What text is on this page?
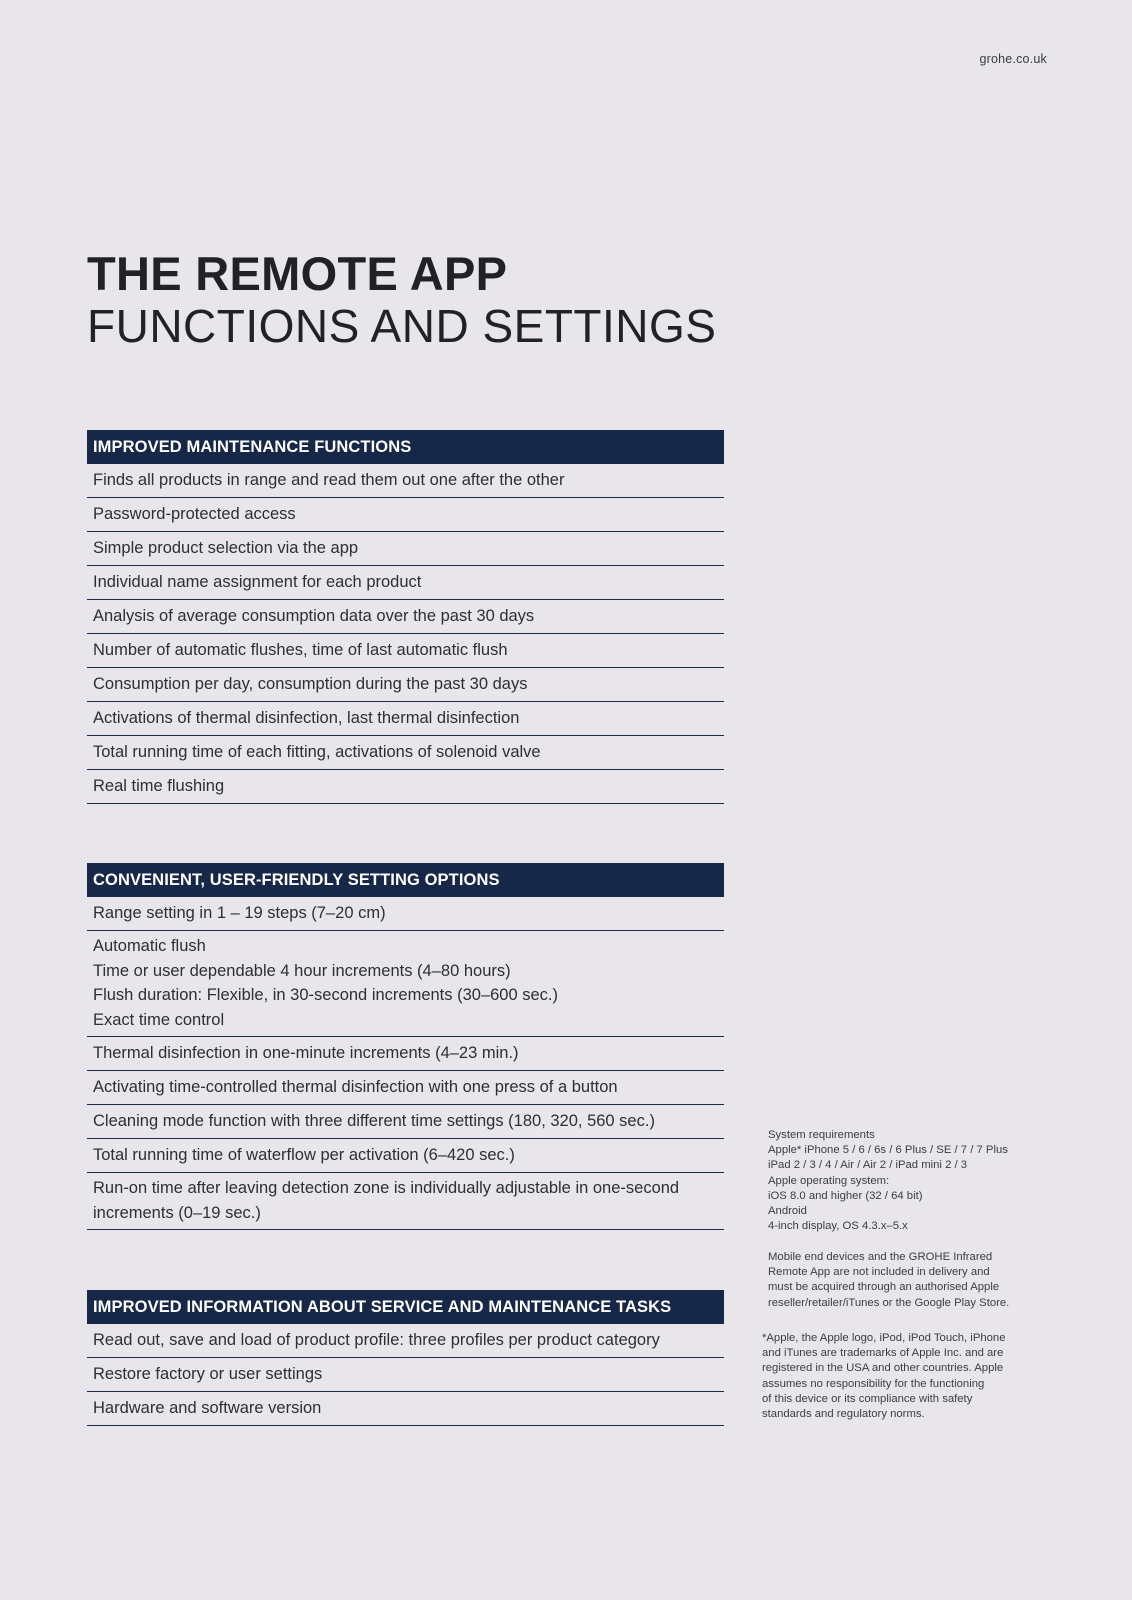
grohe.co.uk
THE REMOTE APP
FUNCTIONS AND SETTINGS
IMPROVED MAINTENANCE FUNCTIONS
Finds all products in range and read them out one after the other
Password-protected access
Simple product selection via the app
Individual name assignment for each product
Analysis of average consumption data over the past 30 days
Number of automatic flushes, time of last automatic flush
Consumption per day, consumption during the past 30 days
Activations of thermal disinfection, last thermal disinfection
Total running time of each fitting, activations of solenoid valve
Real time flushing
CONVENIENT, USER-FRIENDLY SETTING OPTIONS
Range setting in 1 – 19 steps (7–20 cm)
Automatic flush
Time or user dependable 4 hour increments (4–80 hours)
Flush duration: Flexible, in 30-second increments (30–600 sec.)
Exact time control
Thermal disinfection in one-minute increments (4–23 min.)
Activating time-controlled thermal disinfection with one press of a button
Cleaning mode function with three different time settings (180, 320, 560 sec.)
Total running time of waterflow per activation (6–420 sec.)
Run-on time after leaving detection zone is individually adjustable in one-second
increments (0–19 sec.)
IMPROVED INFORMATION ABOUT SERVICE AND MAINTENANCE TASKS
Read out, save and load of product profile: three profiles per product category
Restore factory or user settings
Hardware and software version
System requirements
Apple* iPhone 5 / 6 / 6s / 6 Plus / SE / 7 / 7 Plus
iPad 2 / 3 / 4 / Air / Air 2 / iPad mini 2 / 3
Apple operating system:
iOS 8.0 and higher (32 / 64 bit)
Android
4-inch display, OS 4.3.x–5.x
Mobile end devices and the GROHE Infrared
Remote App are not included in delivery and
must be acquired through an authorised Apple
reseller/retailer/iTunes or the Google Play Store.
*Apple, the Apple logo, iPod, iPod Touch, iPhone
and iTunes are trademarks of Apple Inc. and are
registered in the USA and other countries. Apple
assumes no responsibility for the functioning
of this device or its compliance with safety
standards and regulatory norms.
